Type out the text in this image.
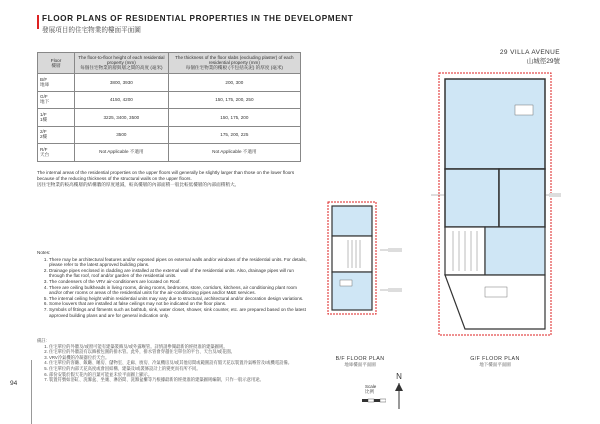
FLOOR PLANS OF RESIDENTIAL PROPERTIES IN THE DEVELOPMENT
發展項目的住宅物業的樓面平面圖
Floor
樓層	The floor-to-floor height of each residential property (mm)
每個住宅物業的層與層之間的高度 (毫米)	The thickness of the floor slabs (excluding plaster) of each residential property (mm)
每個住宅物業的樓板 (不包括灰泥) 的厚度 (毫米)
B/F
地庫	3800, 3930	200, 300
G/F
地下	4150, 4200	150, 175, 200, 250
1/F
1樓	3225, 3400, 3500	150, 175, 200
2/F
2樓	3500	175, 200, 225
R/F
天台	Not Applicable 不適用	Not Applicable 不適用
The internal areas of the residential properties on the upper floors will generally be slightly larger than those on the lower floors because of the reducing thickness of the structural walls on the upper floors.
因住宅物業的較高樓層的結構牆的厚度遞減，較高樓層的內部面積一般比較低樓層的內部面積稍大。
Notes:
1. There may be architectural features and/or exposed pipes on external walls and/or windows of the residential units. For details, please refer to the latest approved building plans.
2. Drainage pipes enclosed in cladding are installed at the external wall of the residential units. Also, drainage pipes will run through the flat roof, roof and/or garden of the residential units.
3. The condensers of the VRV air-conditioners are located on Roof.
4. There are ceiling bulkheads in living rooms, dining rooms, bedrooms, store, corridors, kitchens, air conditioning plant room and/or other rooms or areas of the residential units for the air-conditioning pipes and/or M&E services.
5. The internal ceiling height within residential units may vary due to structural, architectural and/or decoration design variations.
6. Some louvers that are installed at false ceilings may not be indicated on the floor plans.
7. Symbols of fittings and fitments such as bathtub, sink, water closet, shower, sink counter, etc. are prepared based on the latest approved building plans and are for general indication only.
備註：
1. 住宅單位的外牆及/或窗可能有建築裝飾及/或外露喉管。詳情請參閱最新的經批准的建築圖則。
2. 住宅單位的外牆設有以飾板包圍的排水管。此外，排水管會穿越住宅單位的平台、天台及/或花園。
3. VRV冷氣機的冷凝器位於天台。
4. 住宅單位的客廳、飯廳、睡房、儲物室、走廊、廚房、冷氣機房及/或其他房間或範圍設有假天花以裝置冷氣喉管及/或機電設備。
5. 住宅單位的內部天花高度或會因結構、建築及/或裝修設計上的變更而有所不同。
6. 部份安裝於假天花內的百葉可能並未於平面圖上顯示。
7. 裝置符號如浴缸、洗滌盆、坐廁、淋浴間、洗滌盆櫃等乃根據最新的經批准的建築圖則編制，只作一般示意用途。
94
29 VILLA AVENUE
山城徑29號
B/F FLOOR PLAN
地庫樓面平面圖
G/F FLOOR PLAN
地下樓面平面圖
Scale
比例
N
